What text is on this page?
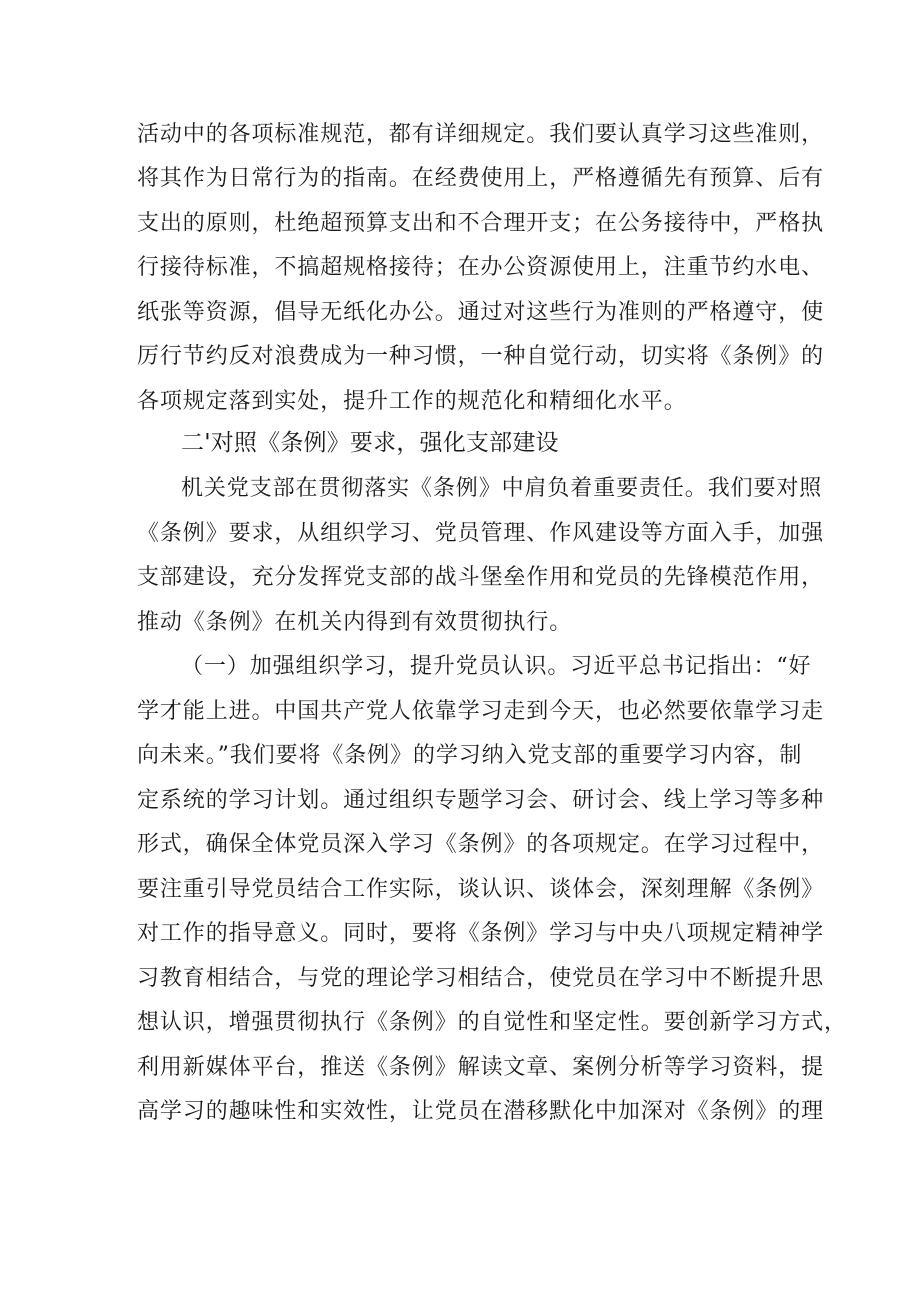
活动中的各项标准规范，都有详细规定。我们要认真学习这些准则，
将其作为日常行为的指南。在经费使用上，严格遵循先有预算、后有
支出的原则，杜绝超预算支出和不合理开支；在公务接待中，严格执
行接待标准，不搞超规格接待；在办公资源使用上，注重节约水电、
纸张等资源，倡导无纸化办公。通过对这些行为准则的严格遵守，使
厉行节约反对浪费成为一种习惯，一种自觉行动，切实将《条例》的
各项规定落到实处，提升工作的规范化和精细化水平。
二'对照《条例》要求，强化支部建设
机关党支部在贯彻落实《条例》中肩负着重要责任。我们要对照
《条例》要求，从组织学习、党员管理、作风建设等方面入手，加强
支部建设，充分发挥党支部的战斗堡垒作用和党员的先锋模范作用，
推动《条例》在机关内得到有效贯彻执行。
（一）加强组织学习，提升党员认识。习近平总书记指出：“好
学才能上进。中国共产党人依靠学习走到今天，也必然要依靠学习走
向未来。”我们要将《条例》的学习纳入党支部的重要学习内容，制
定系统的学习计划。通过组织专题学习会、研讨会、线上学习等多种
形式，确保全体党员深入学习《条例》的各项规定。在学习过程中，
要注重引导党员结合工作实际，谈认识、谈体会，深刻理解《条例》
对工作的指导意义。同时，要将《条例》学习与中央八项规定精神学
习教育相结合，与党的理论学习相结合，使党员在学习中不断提升思
想认识，增强贯彻执行《条例》的自觉性和坚定性。要创新学习方式，
利用新媒体平台，推送《条例》解读文章、案例分析等学习资料，提
高学习的趣味性和实效性，让党员在潜移默化中加深对《条例》的理
